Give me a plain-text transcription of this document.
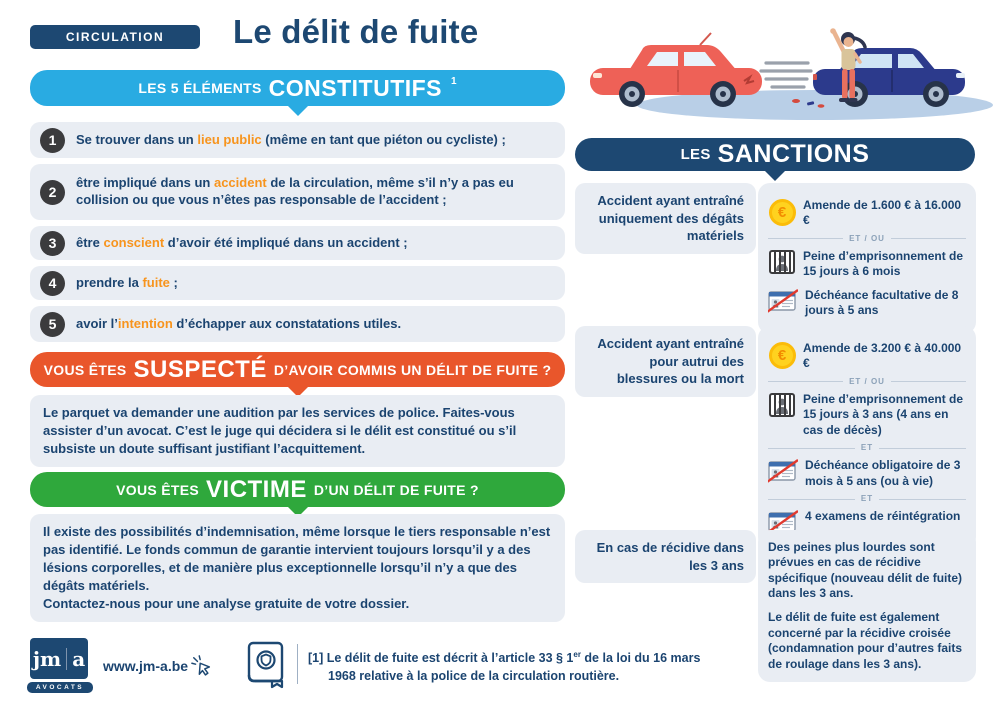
CIRCULATION	Le délit de fuite
LES 5 ÉLÉMENTS CONSTITUTIFS 1
1	Se trouver dans un lieu public (même en tant que piéton ou cycliste) ;
2
être impliqué dans un accident de la circulation, même s’il n’y a pas eu collision ou que vous n’êtes pas responsable de l’accident ;
3	être conscient d’avoir été impliqué dans un accident ;
4	prendre la fuite ;
5	avoir l’intention d’échapper aux constatations utiles.
VOUS ÊTES SUSPECTÉ D’AVOIR COMMIS UN DÉLIT DE FUITE ?
Le parquet va demander une audition par les services de police. Faites-vous assister d’un avocat. C’est le juge qui décidera si le délit est constitué ou s’il subsiste un doute suffisant justifiant l’acquittement.
VOUS ÊTES VICTIME D’UN DÉLIT DE FUITE ?
Il existe des possibilités d’indemnisation, même lorsque le tiers responsable n’est pas identifié. Le fonds commun de garantie intervient toujours lorsqu’il y a des lésions corporelles, et de manière plus exceptionnelle lorsqu’il n’y a que des dégâts matériels.
Contactez-nous pour une analyse gratuite de votre dossier.
LES SANCTIONS
Accident ayant entraîné uniquement des dégâts matériels
€	Amende de 1.600 € à 16.000 €
ET / OU
Peine d’emprisonnement de 15 jours à 6 mois
Déchéance facultative de 8 jours à 5 ans
Accident ayant entraîné pour autrui des blessures ou la mort
€	Amende de 3.200 € à 40.000 €
ET / OU
Peine d’emprisonnement de 15 jours à 3 ans (4 ans en cas de décès)
ET
Déchéance obligatoire de 3 mois à 5 ans (ou à vie)
ET
4 examens de réintégration
En cas de récidive dans les 3 ans

Des peines plus lourdes sont prévues en cas de récidive spécifique (nouveau délit de fuite) dans les 3 ans.

Le délit de fuite est également concerné par la récidive croisée (condamnation pour d’autres faits de roulage dans les 3 ans).

jm a
AVOCATS
www.jm-a.be	[1] Le délit de fuite est décrit à l’article 33 § 1er de la loi du 16 mars 1968 relative à la police de la circulation routière.
